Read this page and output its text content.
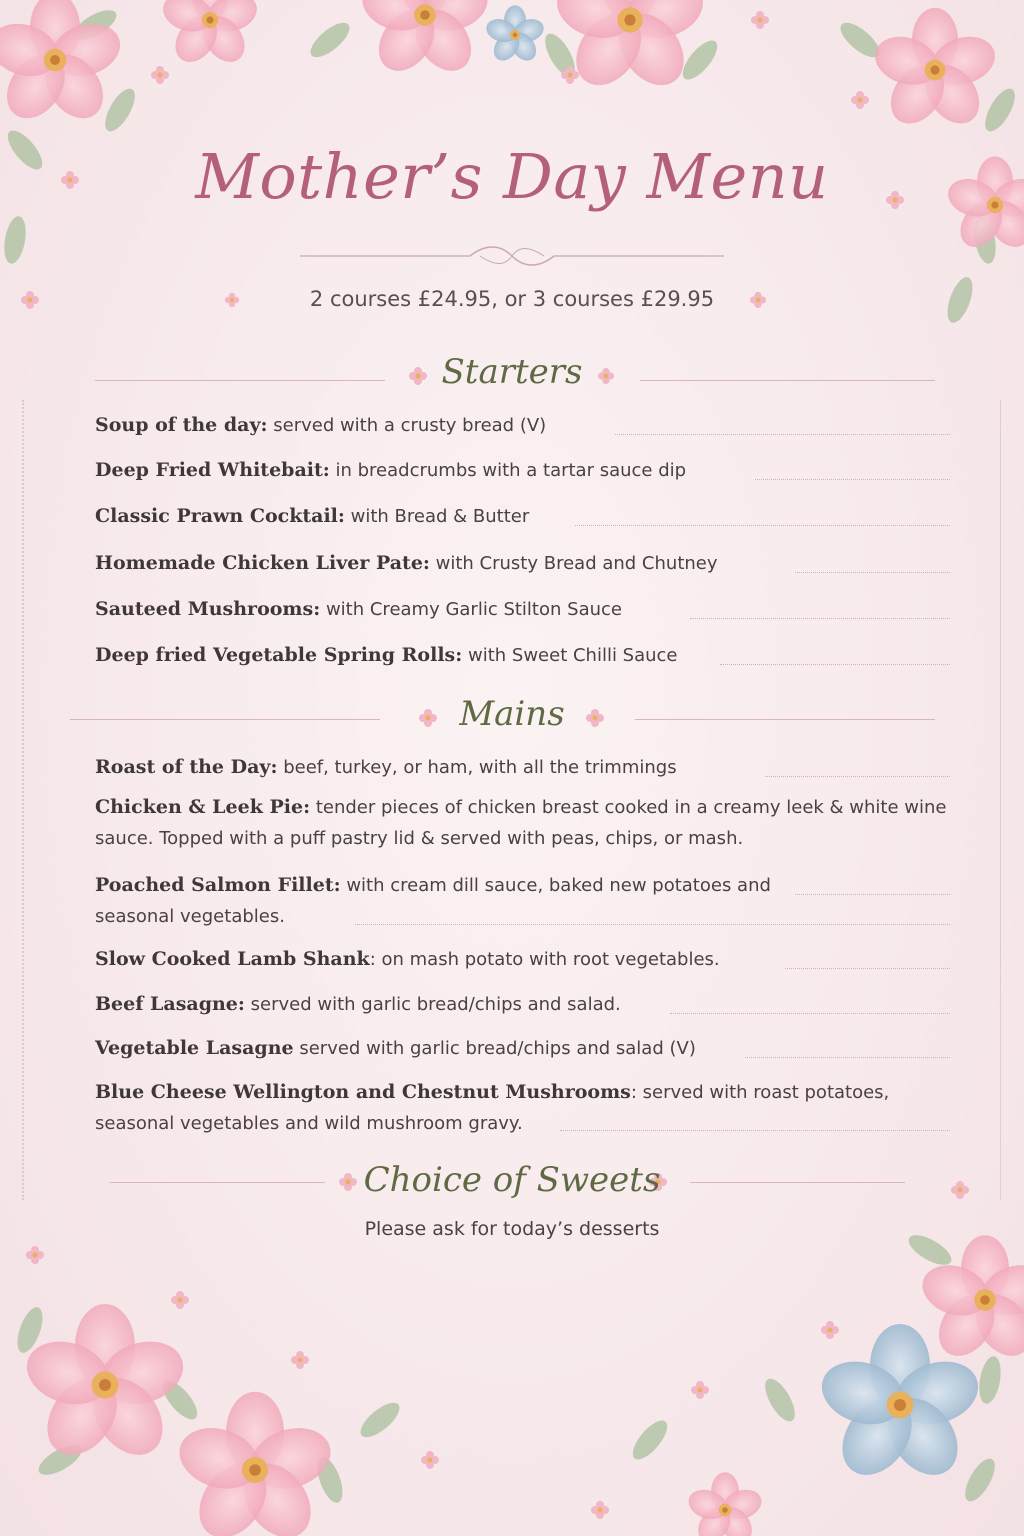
Mother’s Day Menu
2 courses £24.95, or 3 courses £29.95
Starters
Soup of the day: served with a crusty bread (V)
Deep Fried Whitebait: in breadcrumbs with a tartar sauce dip
Classic Prawn Cocktail: with Bread & Butter
Homemade Chicken Liver Pate: with Crusty Bread and Chutney
Sauteed Mushrooms: with Creamy Garlic Stilton Sauce
Deep fried Vegetable Spring Rolls: with Sweet Chilli Sauce
Mains
Roast of the Day: beef, turkey, or ham, with all the trimmings
Chicken & Leek Pie: tender pieces of chicken breast cooked in a creamy leek & white wine sauce. Topped with a puff pastry lid & served with peas, chips, or mash.
Poached Salmon Fillet: with cream dill sauce, baked new potatoes and seasonal vegetables.
Slow Cooked Lamb Shank: on mash potato with root vegetables.
Beef Lasagne: served with garlic bread/chips and salad.
Vegetable Lasagne served with garlic bread/chips and salad (V)
Blue Cheese Wellington and Chestnut Mushrooms: served with roast potatoes, seasonal vegetables and wild mushroom gravy.
Choice of Sweets
Please ask for today’s desserts
